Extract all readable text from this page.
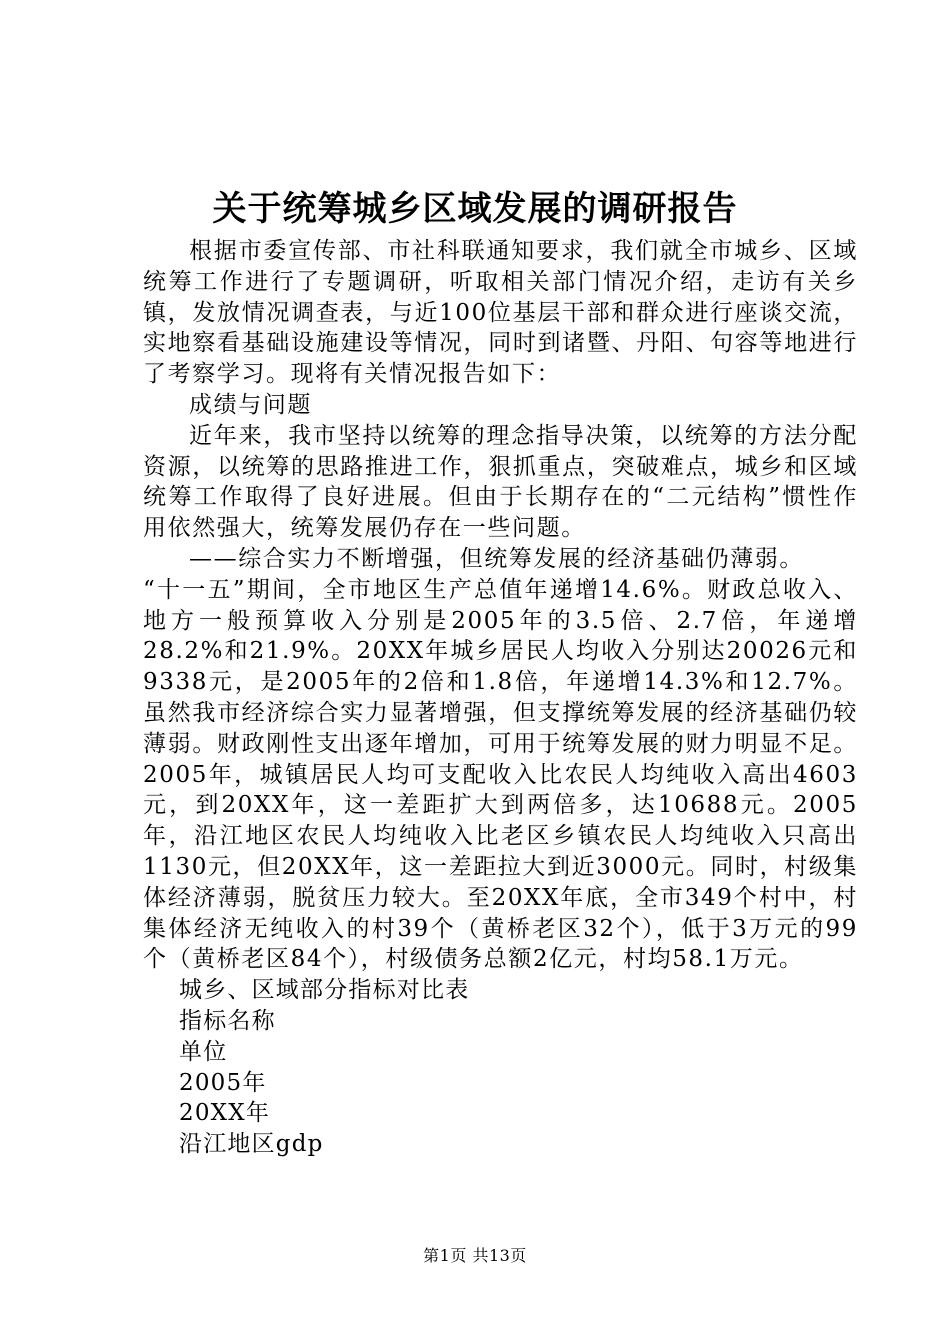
关于统筹城乡区域发展的调研报告

根据市委宣传部、市社科联通知要求，我们就全市城乡、区域统筹工作进行了专题调研，听取相关部门情况介绍，走访有关乡镇，发放情况调查表，与近100位基层干部和群众进行座谈交流，实地察看基础设施建设等情况，同时到诸暨、丹阳、句容等地进行了考察学习。现将有关情况报告如下：

成绩与问题

近年来，我市坚持以统筹的理念指导决策，以统筹的方法分配资源，以统筹的思路推进工作，狠抓重点，突破难点，城乡和区域统筹工作取得了良好进展。但由于长期存在的“二元结构”惯性作用依然强大，统筹发展仍存在一些问题。

——综合实力不断增强，但统筹发展的经济基础仍薄弱。

“十一五”期间，全市地区生产总值年递增14.6%。财政总收入、地方一般预算收入分别是2005年的3.5倍、2.7倍，年递增28.2%和21.9%。20XX年城乡居民人均收入分别达20026元和9338元，是2005年的2倍和1.8倍，年递增14.3%和12.7%。虽然我市经济综合实力显著增强，但支撑统筹发展的经济基础仍较薄弱。财政刚性支出逐年增加，可用于统筹发展的财力明显不足。2005年，城镇居民人均可支配收入比农民人均纯收入高出4603元，到20XX年，这一差距扩大到两倍多，达10688元。2005年，沿江地区农民人均纯收入比老区乡镇农民人均纯收入只高出1130元，但20XX年，这一差距拉大到近3000元。同时，村级集体经济薄弱，脱贫压力较大。至20XX年底，全市349个村中，村集体经济无纯收入的村39个（黄桥老区32个），低于3万元的99个（黄桥老区84个），村级债务总额2亿元，村均58.1万元。

城乡、区域部分指标对比表

指标名称

单位

2005年

20XX年

沿江地区gdp

第1页 共13页
